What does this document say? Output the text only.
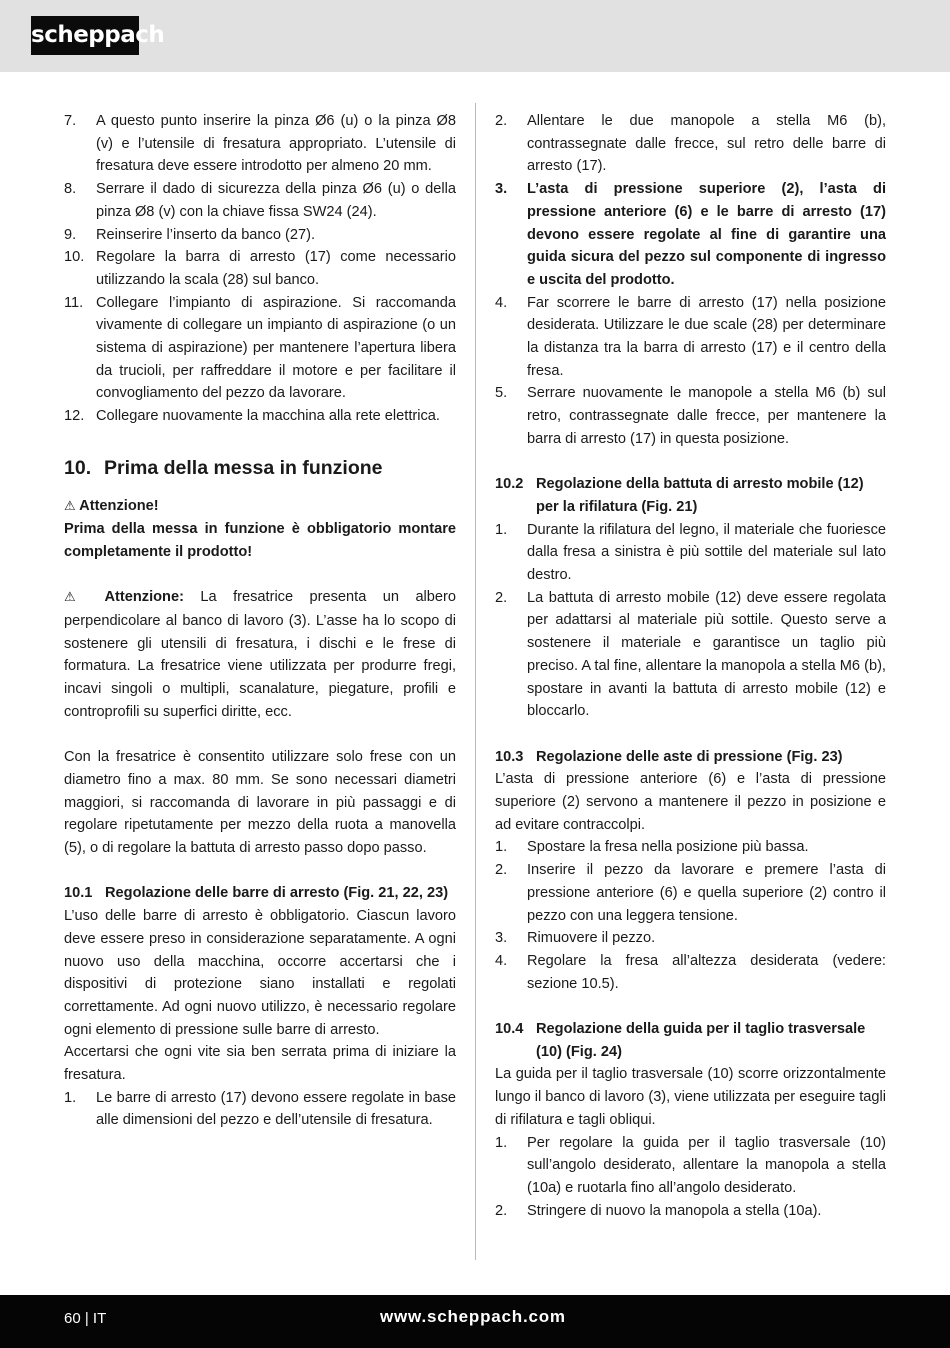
scheppach
7. A questo punto inserire la pinza Ø6 (u) o la pinza Ø8 (v) e l’utensile di fresatura appropriato. L’utensile di fresatura deve essere introdotto per almeno 20 mm.
8. Serrare il dado di sicurezza della pinza Ø6 (u) o della pinza Ø8 (v) con la chiave fissa SW24 (24).
9. Reinserire l’inserto da banco (27).
10. Regolare la barra di arresto (17) come necessario utilizzando la scala (28) sul banco.
11. Collegare l’impianto di aspirazione. Si raccomanda vivamente di collegare un impianto di aspirazione (o un sistema di aspirazione) per mantenere l’apertura libera da trucioli, per raffreddare il motore e per facilitare il convogliamento del pezzo da lavorare.
12. Collegare nuovamente la macchina alla rete elettrica.
10. Prima della messa in funzione
⚠ Attenzione!

Prima della messa in funzione è obbligatorio montare completamente il prodotto!

⚠ Attenzione: La fresatrice presenta un albero perpendicolare al banco di lavoro (3). L’asse ha lo scopo di sostenere gli utensili di fresatura, i dischi e le frese di formatura. La fresatrice viene utilizzata per produrre fregi, incavi singoli o multipli, scanalature, piegature, profili e controprofili su superfici diritte, ecc.

Con la fresatrice è consentito utilizzare solo frese con un diametro fino a max. 80 mm. Se sono necessari diametri maggiori, si raccomanda di lavorare in più passaggi e di regolare ripetutamente per mezzo della ruota a manovella (5), o di regolare la battuta di arresto passo dopo passo.

10.1 Regolazione delle barre di arresto (Fig. 21, 22, 23)

L’uso delle barre di arresto è obbligatorio. Ciascun lavoro deve essere preso in considerazione separatamente. A ogni nuovo uso della macchina, occorre accertarsi che i dispositivi di protezione siano installati e regolati correttamente. Ad ogni nuovo utilizzo, è necessario regolare ogni elemento di pressione sulle barre di arresto.

Accertarsi che ogni vite sia ben serrata prima di iniziare la fresatura.

1. Le barre di arresto (17) devono essere regolate in base alle dimensioni del pezzo e dell’utensile di fresatura.
2. Allentare le due manopole a stella M6 (b), contrassegnate dalle frecce, sul retro delle barre di arresto (17).
3. L’asta di pressione superiore (2), l’asta di pressione anteriore (6) e le barre di arresto (17) devono essere regolate al fine di garantire una guida sicura del pezzo sul componente di ingresso e uscita del prodotto.
4. Far scorrere le barre di arresto (17) nella posizione desiderata. Utilizzare le due scale (28) per determinare la distanza tra la barra di arresto (17) e il centro della fresa.
5. Serrare nuovamente le manopole a stella M6 (b) sul retro, contrassegnate dalle frecce, per mantenere la barra di arresto (17) in questa posizione.
10.2 Regolazione della battuta di arresto mobile (12) per la rifilatura (Fig. 21)
1. Durante la rifilatura del legno, il materiale che fuoriesce dalla fresa a sinistra è più sottile del materiale sul lato destro.
2. La battuta di arresto mobile (12) deve essere regolata per adattarsi al materiale più sottile. Questo serve a sostenere il materiale e garantisce un taglio più preciso. A tal fine, allentare la manopola a stella M6 (b), spostare in avanti la battuta di arresto mobile (12) e bloccarlo.
10.3 Regolazione delle aste di pressione (Fig. 23)

L’asta di pressione anteriore (6) e l’asta di pressione superiore (2) servono a mantenere il pezzo in posizione e ad evitare contraccolpi.

1. Spostare la fresa nella posizione più bassa.
2. Inserire il pezzo da lavorare e premere l’asta di pressione anteriore (6) e quella superiore (2) contro il pezzo con una leggera tensione.
3. Rimuovere il pezzo.
4. Regolare la fresa all’altezza desiderata (vedere: sezione 10.5).
10.4 Regolazione della guida per il taglio trasversale (10) (Fig. 24)

La guida per il taglio trasversale (10) scorre orizzontalmente lungo il banco di lavoro (3), viene utilizzata per eseguire tagli di rifilatura e tagli obliqui.

1. Per regolare la guida per il taglio trasversale (10) sull’angolo desiderato, allentare la manopola a stella (10a) e ruotarla fino all’angolo desiderato.
2. Stringere di nuovo la manopola a stella (10a).
60 | IT	www.scheppach.com
